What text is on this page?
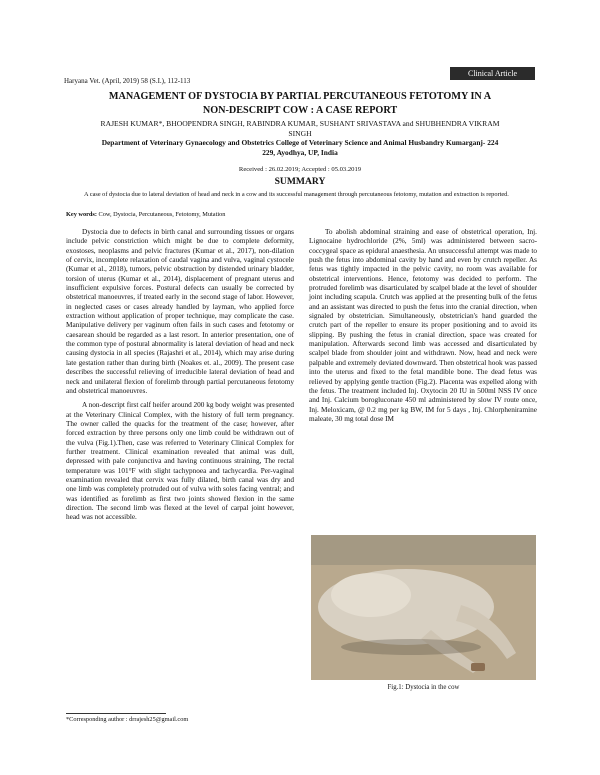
Haryana Vet. (April, 2019) 58 (S.I.), 112-113
Clinical Article
MANAGEMENT OF DYSTOCIA BY PARTIAL PERCUTANEOUS FETOTOMY IN A NON-DESCRIPT COW : A CASE REPORT
RAJESH KUMAR*, BHOOPENDRA SINGH, RABINDRA KUMAR, SUSHANT SRIVASTAVA and SHUBHENDRA VIKRAM SINGH
Department of Veterinary Gynaecology and Obstetrics College of Veterinary Science and Animal Husbandry Kumarganj- 224 229, Ayodhya, UP, India
Received : 26.02.2019; Accepted : 05.03.2019
SUMMARY
A case of dystocia due to lateral deviation of head and neck in a cow and its successful management through percutaneous fetotomy, mutation and extraction is reported.
Key words: Cow, Dystocia, Percutaneous, Fetotomy, Mutation

Dystocia due to defects in birth canal and surrounding tissues or organs include pelvic constriction which might be due to complete deformity, exostoses, neoplasms and pelvic fractures (Kumar et al., 2017), non-dilation of cervix, incomplete relaxation of caudal vagina and vulva, vaginal cystocele (Kumar et al., 2018), tumors, pelvic obstruction by distended urinary bladder, torsion of uterus (Kumar et al., 2014), displacement of pregnant uterus and insufficient expulsive forces. Postural defects can usually be corrected by obstetrical manoeuvres, if treated early in the second stage of labor. However, in neglected cases or cases already handled by layman, who applied force extraction without application of proper technique, may complicate the case. Manipulative delivery per vaginum often fails in such cases and fetotomy or caesarean should be regarded as a last resort. In anterior presentation, one of the common type of postural abnormality is lateral deviation of head and neck causing dystocia in all species (Rajashri et al., 2014), which may arise during late gestation rather than during birth (Noakes et. al., 2009). The present case describes the successful relieving of irreducible lateral deviation of head and neck and unilateral flexion of forelimb through partial percutaneous fetotomy and obstetrical manoeuvres.

A non-descript first calf heifer around 200 kg body weight was presented at the Veterinary Clinical Complex, with the history of full term pregnancy. The owner called the quacks for the treatment of the case; however, after forced extraction by three persons only one limb could be withdrawn out of the vulva (Fig.1).Then, case was referred to Veterinary Clinical Complex for further treatment. Clinical examination revealed that animal was dull, depressed with pale conjunctiva and having continuous straining, The rectal temperature was 101°F with slight tachypnoea and tachycardia. Per-vaginal examination revealed that cervix was fully dilated, birth canal was dry and one limb was completely protruded out of vulva with soles facing ventral; and was identified as forelimb as first two joints showed flexion in the same direction. The second limb was flexed at the level of carpal joint however, head was not accessible.

To abolish abdominal straining and ease of obstetrical operation, Inj. Lignocaine hydrochloride (2%, 5ml) was administered between sacro-coccygeal space as epidural anaesthesia. An unsuccessful attempt was made to push the fetus into abdominal cavity by hand and even by crutch repeller. As fetus was tightly impacted in the pelvic cavity, no room was available for obstetrical interventions. Hence, fetotomy was decided to perform. The protruded forelimb was disarticulated by scalpel blade at the level of shoulder joint including scapula. Crutch was applied at the presenting bulk of the fetus and an assistant was directed to push the fetus into the cranial direction, when signaled by obstetrician. Simultaneously, obstetrician's hand guarded the crutch part of the repeller to ensure its proper positioning and to avoid its slipping. By pushing the fetus in cranial direction, space was created for manipulation. Afterwards second limb was accessed and disarticulated by scalpel blade from shoulder joint and withdrawn. Now, head and neck were palpable and extremely deviated downward. Then obstetrical hook was passed into the uterus and fixed to the fetal mandible bone. The dead fetus was relieved by applying gentle traction (Fig.2). Placenta was expelled along with the fetus. The treatment included Inj. Oxytocin 20 IU in 500ml NSS IV once and Inj. Calcium borogluconate 450 ml administered by slow IV route once, Inj. Meloxicam, @ 0.2 mg per kg BW, IM for 5 days , Inj. Chlorpheniramine maleate, 30 mg total dose IM

Fig.1: Dystocia in the cow
*Corresponding author : drrajesh25@gmail.com
